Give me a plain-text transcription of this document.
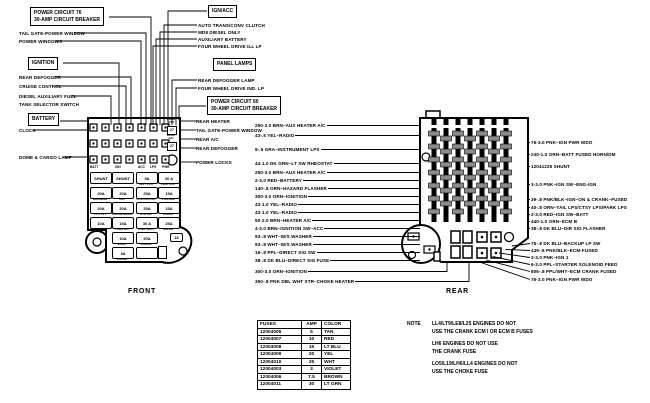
POWER CIRCUIT 76
30-AMP CIRCUIT BREAKER
IGNITION
BATTERY
IGN/ACC
PANEL LAMPS
POWER CIRCUIT 60
30-AMP CIRCUIT BREAKER
REAR
HTR
27
REAR
A/C
27
16
FRONT	REAR
FUSES	AMP	COLOR
12004005	5	TAN
12004007	10	RED
12004008	15	LT BLU
12004009	20	YEL
12004010	25	WHT
12004003	3	VIOLET
12004006	7.5	BROWN
12004011	30	LT GRN
NOTE LL4/LT9/LE8/L25 ENGINES DO NOT
USE THE CRANK ECM I OR ECM B FUSES
LH6 ENGINES DO NOT USE
THE CRANK FUSE
LO5/L19/LH6/LL4 ENGINES DO NOT
USE THE CHOKE FUSE
TAIL GATE-POWER WINDOW
POWER WINDOWS
REAR DEFOGGER
CRUISE CONTROL
DIESEL AUXILIARY FUEL
TANK SELECTOR SWITCH
CLOCK
DOME & CARGO LAMP
AUTO TRANS/CONV CLUTCH
MD8 DIESEL ONLY
AUXILIARY BATTERY
FOUR WHEEL DRIVE ILL LP
REAR DEFOGGER LAMP
FOUR WHEEL DRIVE IND. LP
REAR HEATER
TAIL GATE-POWER WINDOW
REAR A/C
REAR DEFOGGER
POWER LOCKS
250-3.0 BRN–AUX HEATER A/C
43-.5 YEL–RADIO
8-.5 GRA–INSTRUMENT LPS
44-1.0 DK GRN–LT SW RHEOSTAT
250-3.0 BRN–AUX HEATER A/C
2-3.0 RED–BATTERY
140-.8 ORN–HAZARD FLASHER
300-3.0 ORN–IGNITION
43-1.0 YEL–RADIO
43-1.0 YEL–RADIO
50-2.0 BRN–HEATER A/C
4-3.0 BRN–IGNITION SW–ACC
93-.8 WHT–W/S WASHER
93-.8 WHT–W/S WASHER
16-.8 PPL–DIRECT SIG SW
38-.8 DK BLU–DIRECT SIG FUSE
300-3.0 ORN–IGNITION
350-.8 PNK DBL WHT STR–CHOKE HEATER
76-3.0 PNK–IGN PWR WDO
240-1.0 ORN–BATT FUSED HORN/DM
12041235 SHUNT
3-3.0 PNK–IGN SW–ENG-IGN
39-.8 PNK/BLK–IGN–ON & CRANK–FUSED
40-.8 ORN–TAIL LPS/CTSY LPS/PARK LPS
2-3.0 RED–IGN SW–BATT
440-1.0 ORN–ECM B
38-.8 DK BLU–DIR SIG FLASHER
75-.8 DK BLU–BACKUP LP SW
439-.8 PNK/BLK–ECM-FUSED
3-3.0 PNK–IGN 1
6-3.0 PPL–STARTER SOLENOID FEED
806-.8 PPL/WHT–ECM CRANK FUSED
76-3.0 PNK–IGN PWR WDO
SHUNT	SHUNT	5A
INST LPS
30 A
PWR ACC
20A
HORN/DM
20A
IGN
25A
AUX HTR A/C
15A
STOP/DM
20A
TL CTSY
20A
GAUGES/IDLE
25A
HTR A/C
15A
RADIO
10A
ECM B
15A
TURN B/U
30 A
PWR WDO
25A
WIPER
10A
ECM I
20A
CHOKE
3A
CRANK
BATT	IGN	ACC LPS PWR
